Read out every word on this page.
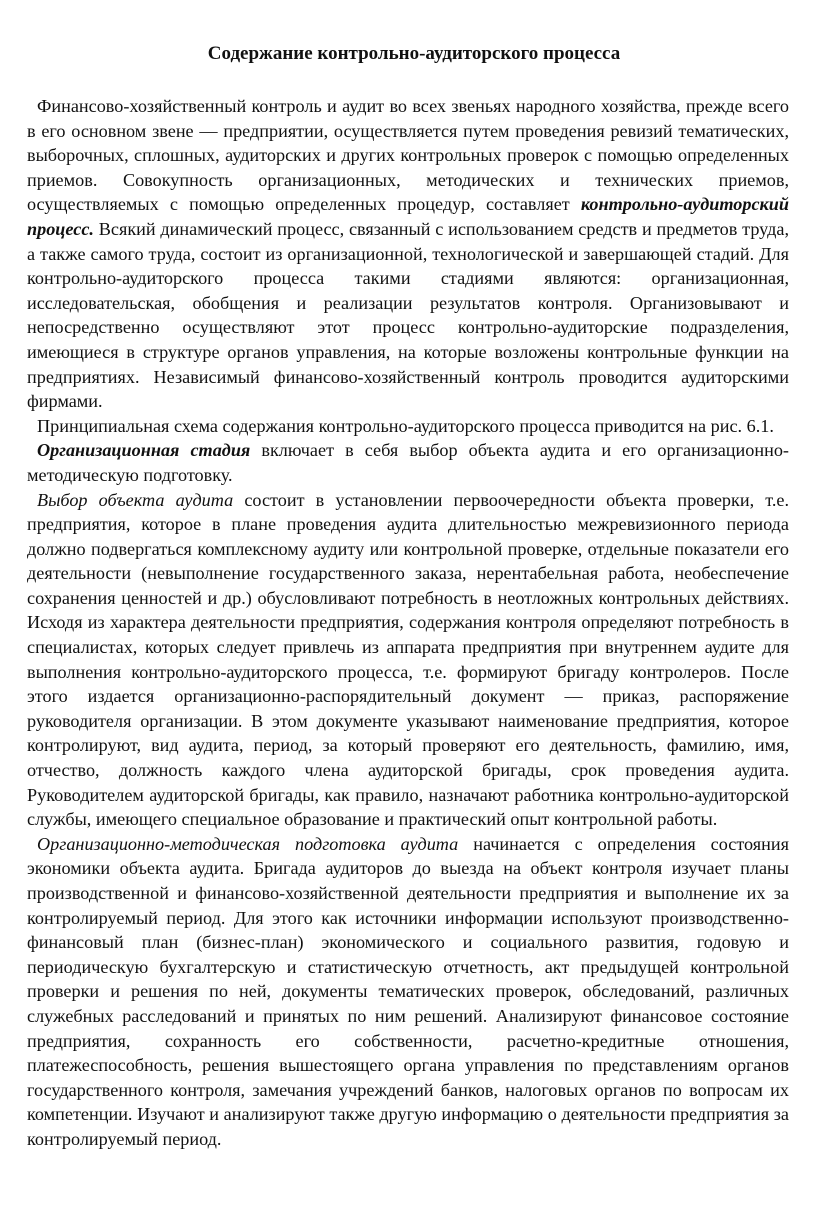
Содержание контрольно-аудиторского процесса

Финансово-хозяйственный контроль и аудит во всех звеньях народного хозяйства, прежде всего в его основном звене — предприятии, осуществляется путем проведения ревизий тематических, выборочных, сплошных, аудиторских и других контрольных проверок с помощью определенных приемов. Совокупность организационных, методических и технических приемов, осуществляемых с помощью определенных процедур, составляет контрольно-аудиторский процесс. Всякий динамический процесс, связанный с использованием средств и предметов труда, а также самого труда, состоит из организационной, технологической и завершающей стадий. Для контрольно-аудиторского процесса такими стадиями являются: организационная, исследовательская, обобщения и реализации результатов контроля. Организовывают и непосредственно осуществляют этот процесс контрольно-аудиторские подразделения, имеющиеся в структуре органов управления, на которые возложены контрольные функции на предприятиях. Независимый финансово-хозяйственный контроль проводится аудиторскими фирмами.

Принципиальная схема содержания контрольно-аудиторского процесса приводится на рис. 6.1.

Организационная стадия включает в себя выбор объекта аудита и его организационно-методическую подготовку.

Выбор объекта аудита состоит в установлении первоочередности объекта проверки, т.е. предприятия, которое в плане проведения аудита длительностью межревизионного периода должно подвергаться комплексному аудиту или контрольной проверке, отдельные показатели его деятельности (невыполнение государственного заказа, нерентабельная работа, необеспечение сохранения ценностей и др.) обусловливают потребность в неотложных контрольных действиях. Исходя из характера деятельности предприятия, содержания контроля определяют потребность в специалистах, которых следует привлечь из аппарата предприятия при внутреннем аудите для выполнения контрольно-аудиторского процесса, т.е. формируют бригаду контролеров. После этого издается организационно-распорядительный документ — приказ, распоряжение руководителя организации. В этом документе указывают наименование предприятия, которое контролируют, вид аудита, период, за который проверяют его деятельность, фамилию, имя, отчество, должность каждого члена аудиторской бригады, срок проведения аудита. Руководителем аудиторской бригады, как правило, назначают работника контрольно-аудиторской службы, имеющего специальное образование и практический опыт контрольной работы.

Организационно-методическая подготовка аудита начинается с определения состояния экономики объекта аудита. Бригада аудиторов до выезда на объект контроля изучает планы производственной и финансово-хозяйственной деятельности предприятия и выполнение их за контролируемый период. Для этого как источники информации используют производственно-финансовый план (бизнес-план) экономического и социального развития, годовую и периодическую бухгалтерскую и статистическую отчетность, акт предыдущей контрольной проверки и решения по ней, документы тематических проверок, обследований, различных служебных расследований и принятых по ним решений. Анализируют финансовое состояние предприятия, сохранность его собственности, расчетно-кредитные отношения, платежеспособность, решения вышестоящего органа управления по представлениям органов государственного контроля, замечания учреждений банков, налоговых органов по вопросам их компетенции. Изучают и анализируют также другую информацию о деятельности предприятия за контролируемый период.
